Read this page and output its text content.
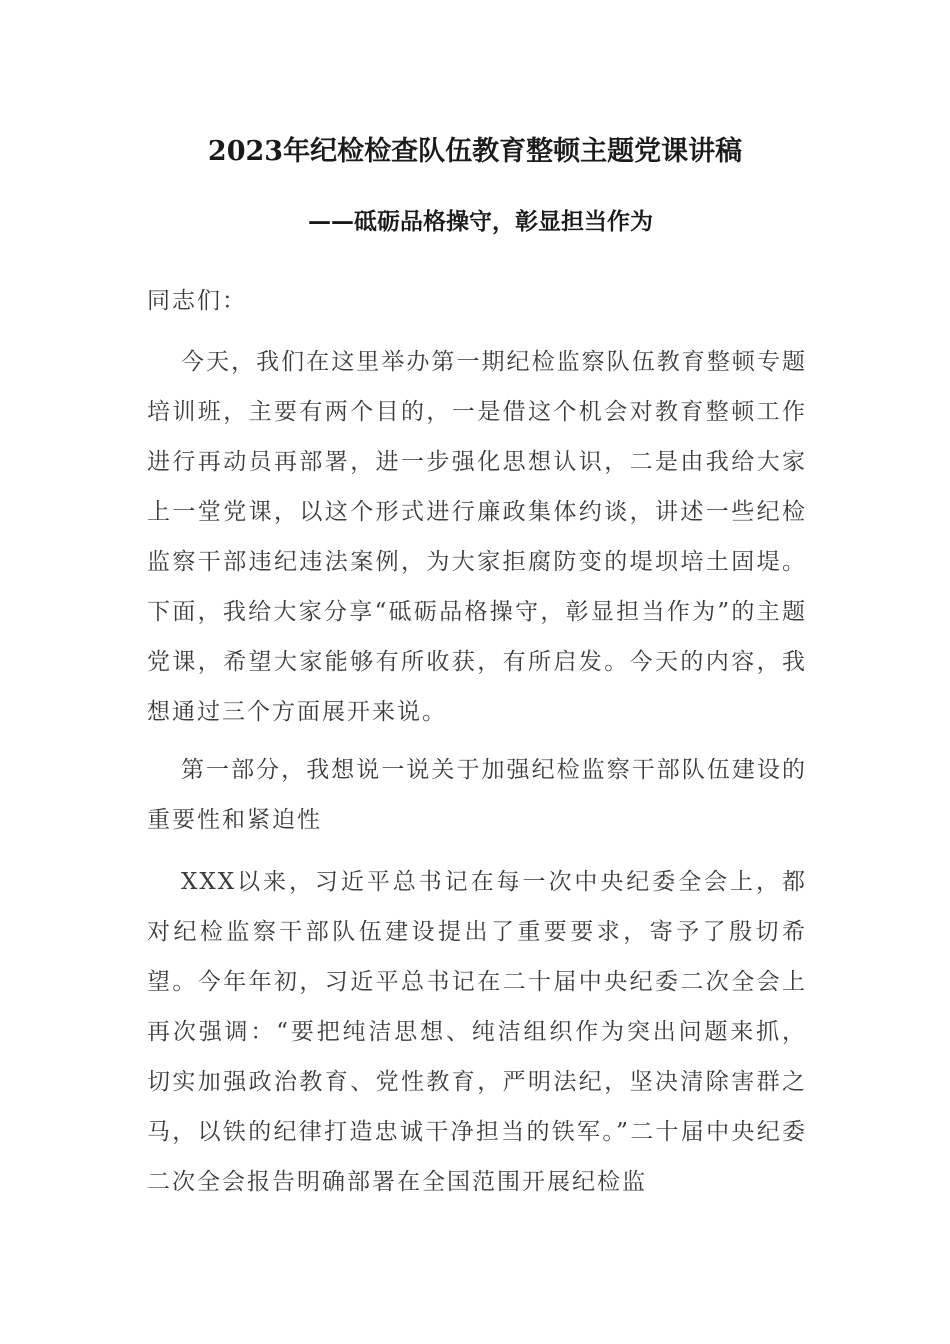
2023年纪检检查队伍教育整顿主题党课讲稿
——砥砺品格操守，彰显担当作为
同志们：

今天，我们在这里举办第一期纪检监察队伍教育整顿专题培训班，主要有两个目的，一是借这个机会对教育整顿工作进行再动员再部署，进一步强化思想认识，二是由我给大家上一堂党课，以这个形式进行廉政集体约谈，讲述一些纪检监察干部违纪违法案例，为大家拒腐防变的堤坝培土固堤。下面，我给大家分享“砥砺品格操守，彰显担当作为”的主题党课，希望大家能够有所收获，有所启发。今天的内容，我想通过三个方面展开来说。

第一部分，我想说一说关于加强纪检监察干部队伍建设的重要性和紧迫性

XXX以来，习近平总书记在每一次中央纪委全会上，都对纪检监察干部队伍建设提出了重要要求，寄予了殷切希望。今年年初，习近平总书记在二十届中央纪委二次全会上再次强调：“要把纯洁思想、纯洁组织作为突出问题来抓，切实加强政治教育、党性教育，严明法纪，坚决清除害群之马，以铁的纪律打造忠诚干净担当的铁军。”二十届中央纪委二次全会报告明确部署在全国范围开展纪检监
